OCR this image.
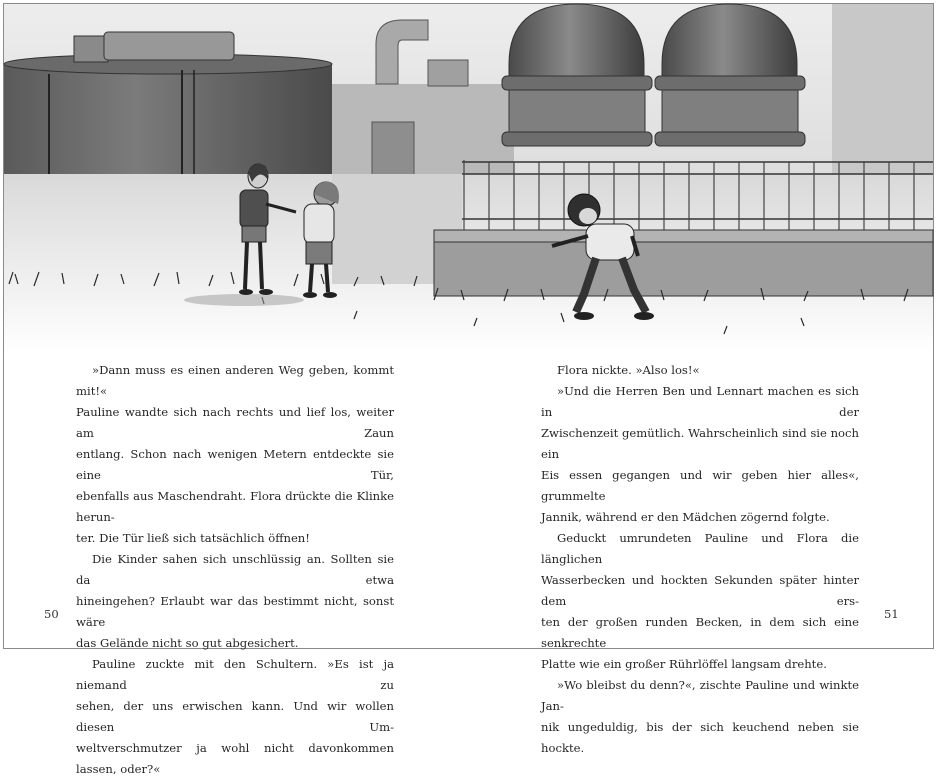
»Dann muss es einen anderen Weg geben, kommt mit!«

Pauline wandte sich nach rechts und lief los, weiter am Zaun

entlang. Schon nach wenigen Metern entdeckte sie eine Tür,

ebenfalls aus Maschendraht. Flora drückte die Klinke herun-

ter. Die Tür ließ sich tatsächlich öffnen!

Die Kinder sahen sich unschlüssig an. Sollten sie da etwa

hineingehen? Erlaubt war das bestimmt nicht, sonst wäre

das Gelände nicht so gut abgesichert.

Pauline zuckte mit den Schultern. »Es ist ja niemand zu

sehen, der uns erwischen kann. Und wir wollen diesen Um-

weltverschmutzer ja wohl nicht davonkommen lassen, oder?«

Flora nickte. »Also los!«

»Und die Herren Ben und Lennart machen es sich in der

Zwischenzeit gemütlich. Wahrscheinlich sind sie noch ein

Eis essen gegangen und wir geben hier alles«, grummelte

Jannik, während er den Mädchen zögernd folgte.

Geduckt umrundeten Pauline und Flora die länglichen

Wasserbecken und hockten Sekunden später hinter dem ers-

ten der großen runden Becken, in dem sich eine senkrechte

Platte wie ein großer Rührlöffel langsam drehte.

»Wo bleibst du denn?«, zischte Pauline und winkte Jan-

nik ungeduldig, bis der sich keuchend neben sie hockte.

50	51
